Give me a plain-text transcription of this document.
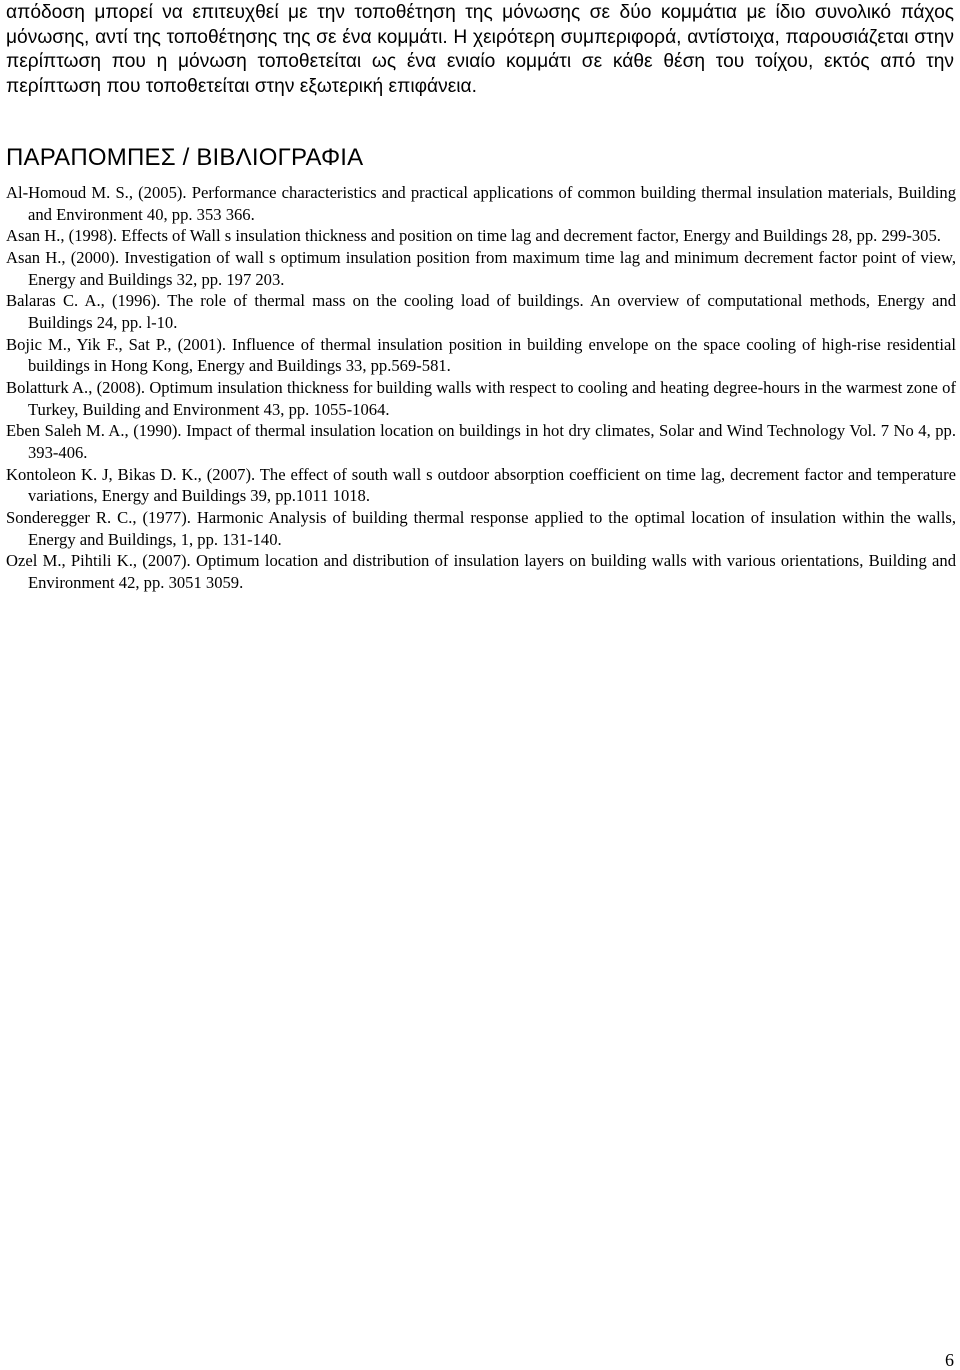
απόδοση μπορεί να επιτευχθεί με την τοποθέτηση της μόνωσης σε δύο κομμάτια με ίδιο συνολικό πάχος μόνωσης, αντί της τοποθέτησης της σε ένα κομμάτι. Η χειρότερη συμπεριφορά, αντίστοιχα, παρουσιάζεται στην περίπτωση που η μόνωση τοποθετείται ως ένα ενιαίο κομμάτι σε κάθε θέση του τοίχου, εκτός από την περίπτωση που τοποθετείται στην εξωτερική επιφάνεια.

ΠΑΡΑΠΟΜΠΕΣ / ΒΙΒΛΙΟΓΡΑΦΙΑ
Al-Homoud M. S., (2005). Performance characteristics and practical applications of common building thermal insulation materials, Building and Environment 40, pp. 353 366.
Asan H., (1998). Effects of Wall s insulation thickness and position on time lag and decrement factor, Energy and Buildings 28, pp. 299-305.
Asan H., (2000). Investigation of wall s optimum insulation position from maximum time lag and minimum decrement factor point of view, Energy and Buildings 32, pp. 197 203.
Balaras C. A., (1996). The role of thermal mass on the cooling load of buildings. An overview of computational methods, Energy and Buildings 24, pp. l-10.
Bojic M., Yik F., Sat P., (2001). Influence of thermal insulation position in building envelope on the space cooling of high-rise residential buildings in Hong Kong, Energy and Buildings 33, pp.569-581.
Bolatturk A., (2008). Optimum insulation thickness for building walls with respect to cooling and heating degree-hours in the warmest zone of Turkey, Building and Environment 43, pp. 1055-1064.
Eben Saleh M. A., (1990). Impact of thermal insulation location on buildings in hot dry climates, Solar and Wind Technology Vol. 7 No 4, pp. 393-406.
Kontoleon K. J, Bikas D. K., (2007). The effect of south wall s outdoor absorption coefficient on time lag, decrement factor and temperature variations, Energy and Buildings 39, pp.1011 1018.
Sonderegger R. C., (1977). Harmonic Analysis of building thermal response applied to the optimal location of insulation within the walls, Energy and Buildings, 1, pp. 131-140.
Ozel M., Pihtili K., (2007). Optimum location and distribution of insulation layers on building walls with various orientations, Building and Environment 42, pp. 3051 3059.
6
